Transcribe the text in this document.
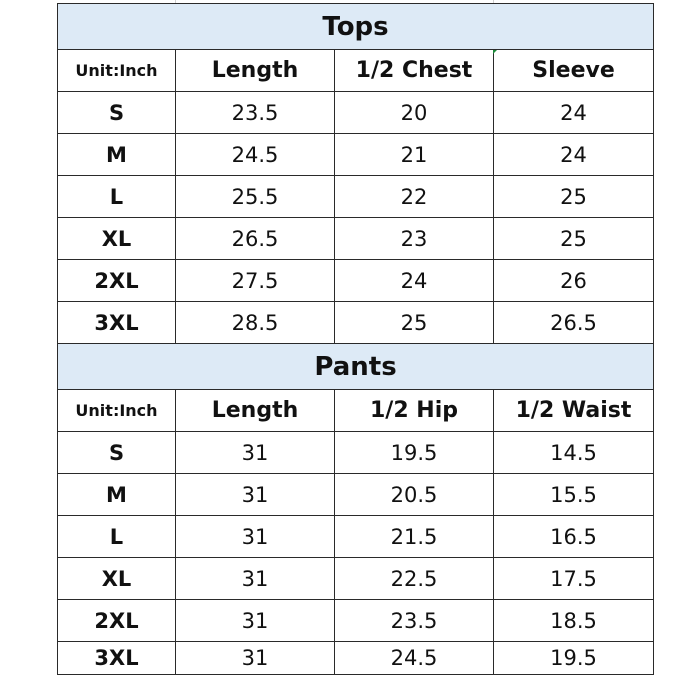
Tops			
Unit:Inch	Length	1/2 Chest	Sleeve
S	23.5	20	24
M	24.5	21	24
L	25.5	22	25
XL	26.5	23	25
2XL	27.5	24	26
3XL	28.5	25	26.5
Pants			
Unit:Inch	Length	1/2 Hip	1/2 Waist
S	31	19.5	14.5
M	31	20.5	15.5
L	31	21.5	16.5
XL	31	22.5	17.5
2XL	31	23.5	18.5
3XL	31	24.5	19.5
